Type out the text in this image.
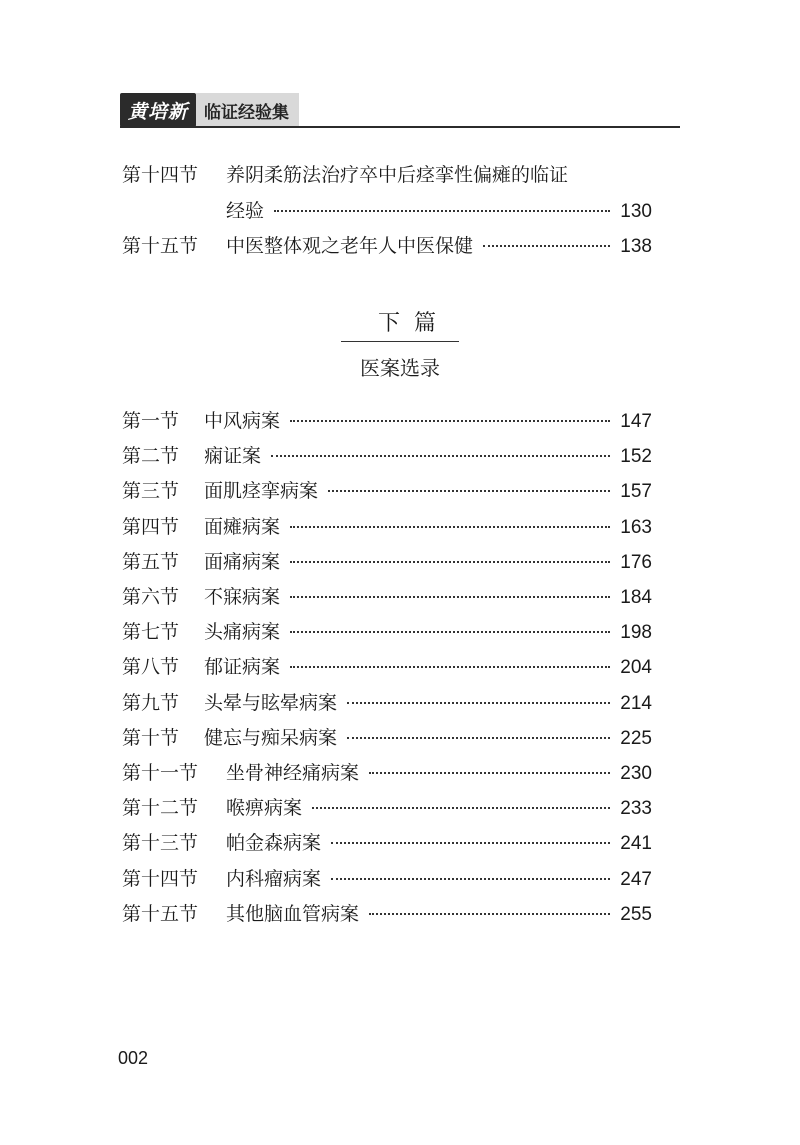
黄培新 临证经验集
第十四节	养阴柔筋法治疗卒中后痉挛性偏瘫的临证
经验	130
第十五节	中医整体观之老年人中医保健	138
下篇
医案选录
第一节	中风病案	147
第二节	痫证案	152
第三节	面肌痉挛病案	157
第四节	面瘫病案	163
第五节	面痛病案	176
第六节	不寐病案	184
第七节	头痛病案	198
第八节	郁证病案	204
第九节	头晕与眩晕病案	214
第十节	健忘与痴呆病案	225
第十一节	坐骨神经痛病案	230
第十二节	喉痹病案	233
第十三节	帕金森病案	241
第十四节	内科瘤病案	247
第十五节	其他脑血管病案	255
002
